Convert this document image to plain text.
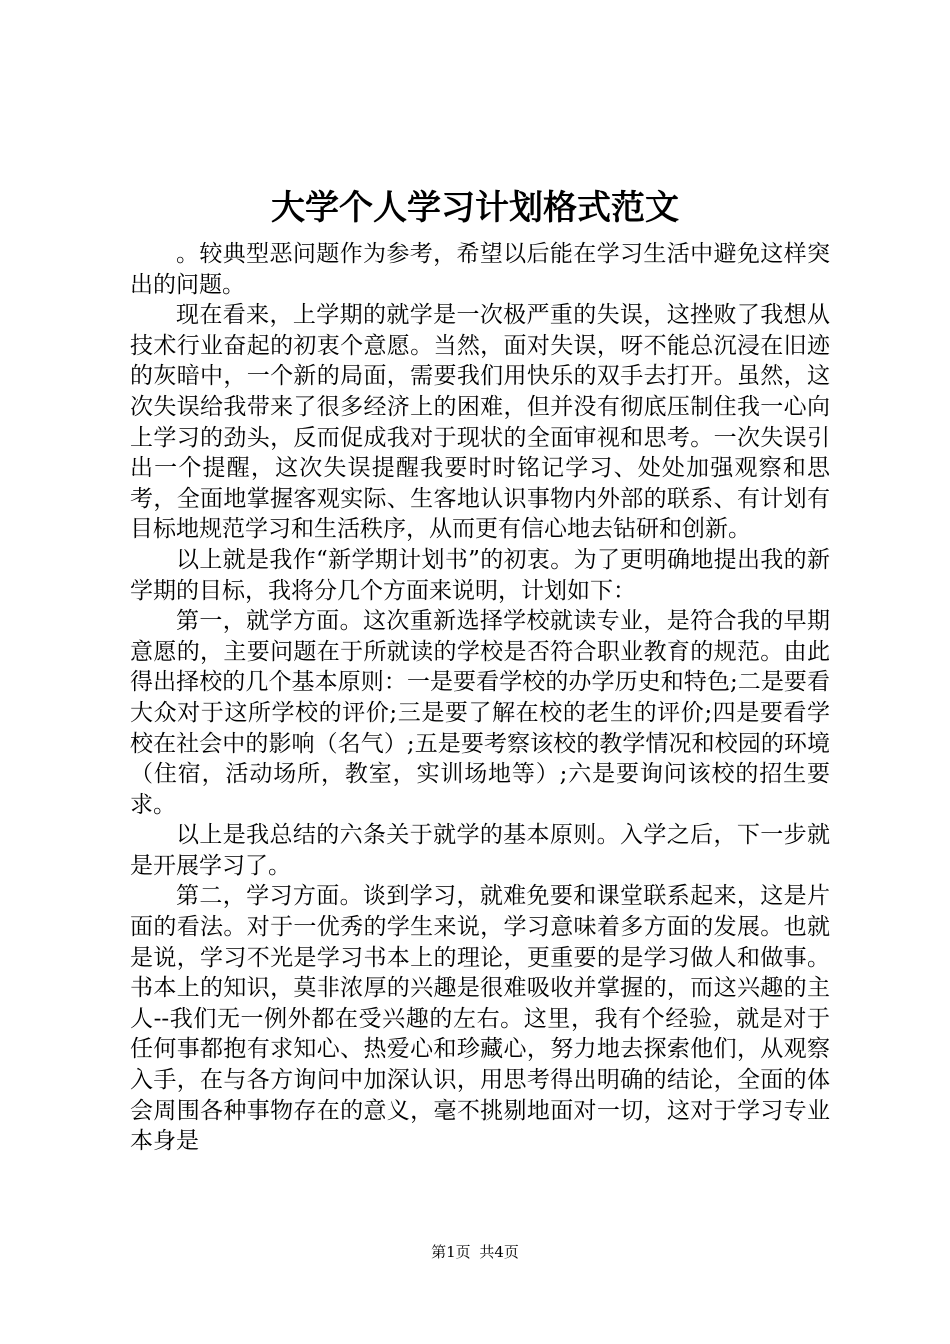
大学个人学习计划格式范文

。较典型恶问题作为参考，希望以后能在学习生活中避免这样突出的问题。

现在看来，上学期的就学是一次极严重的失误，这挫败了我想从技术行业奋起的初衷个意愿。当然，面对失误，呀不能总沉浸在旧迹的灰暗中，一个新的局面，需要我们用快乐的双手去打开。虽然，这次失误给我带来了很多经济上的困难，但并没有彻底压制住我一心向上学习的劲头，反而促成我对于现状的全面审视和思考。一次失误引出一个提醒，这次失误提醒我要时时铭记学习、处处加强观察和思考，全面地掌握客观实际、生客地认识事物内外部的联系、有计划有目标地规范学习和生活秩序，从而更有信心地去钻研和创新。

以上就是我作“新学期计划书”的初衷。为了更明确地提出我的新学期的目标，我将分几个方面来说明，计划如下：

第一，就学方面。这次重新选择学校就读专业，是符合我的早期意愿的，主要问题在于所就读的学校是否符合职业教育的规范。由此得出择校的几个基本原则：一是要看学校的办学历史和特色;二是要看大众对于这所学校的评价;三是要了解在校的老生的评价;四是要看学校在社会中的影响（名气）;五是要考察该校的教学情况和校园的环境（住宿，活动场所，教室，实训场地等）;六是要询问该校的招生要求。

以上是我总结的六条关于就学的基本原则。入学之后，下一步就是开展学习了。

第二，学习方面。谈到学习，就难免要和课堂联系起来，这是片面的看法。对于一优秀的学生来说，学习意味着多方面的发展。也就是说，学习不光是学习书本上的理论，更重要的是学习做人和做事。书本上的知识，莫非浓厚的兴趣是很难吸收并掌握的，而这兴趣的主人--我们无一例外都在受兴趣的左右。这里，我有个经验，就是对于任何事都抱有求知心、热爱心和珍藏心，努力地去探索他们，从观察入手，在与各方询问中加深认识，用思考得出明确的结论，全面的体会周围各种事物存在的意义，毫不挑剔地面对一切，这对于学习专业本身是

第1页 共4页
